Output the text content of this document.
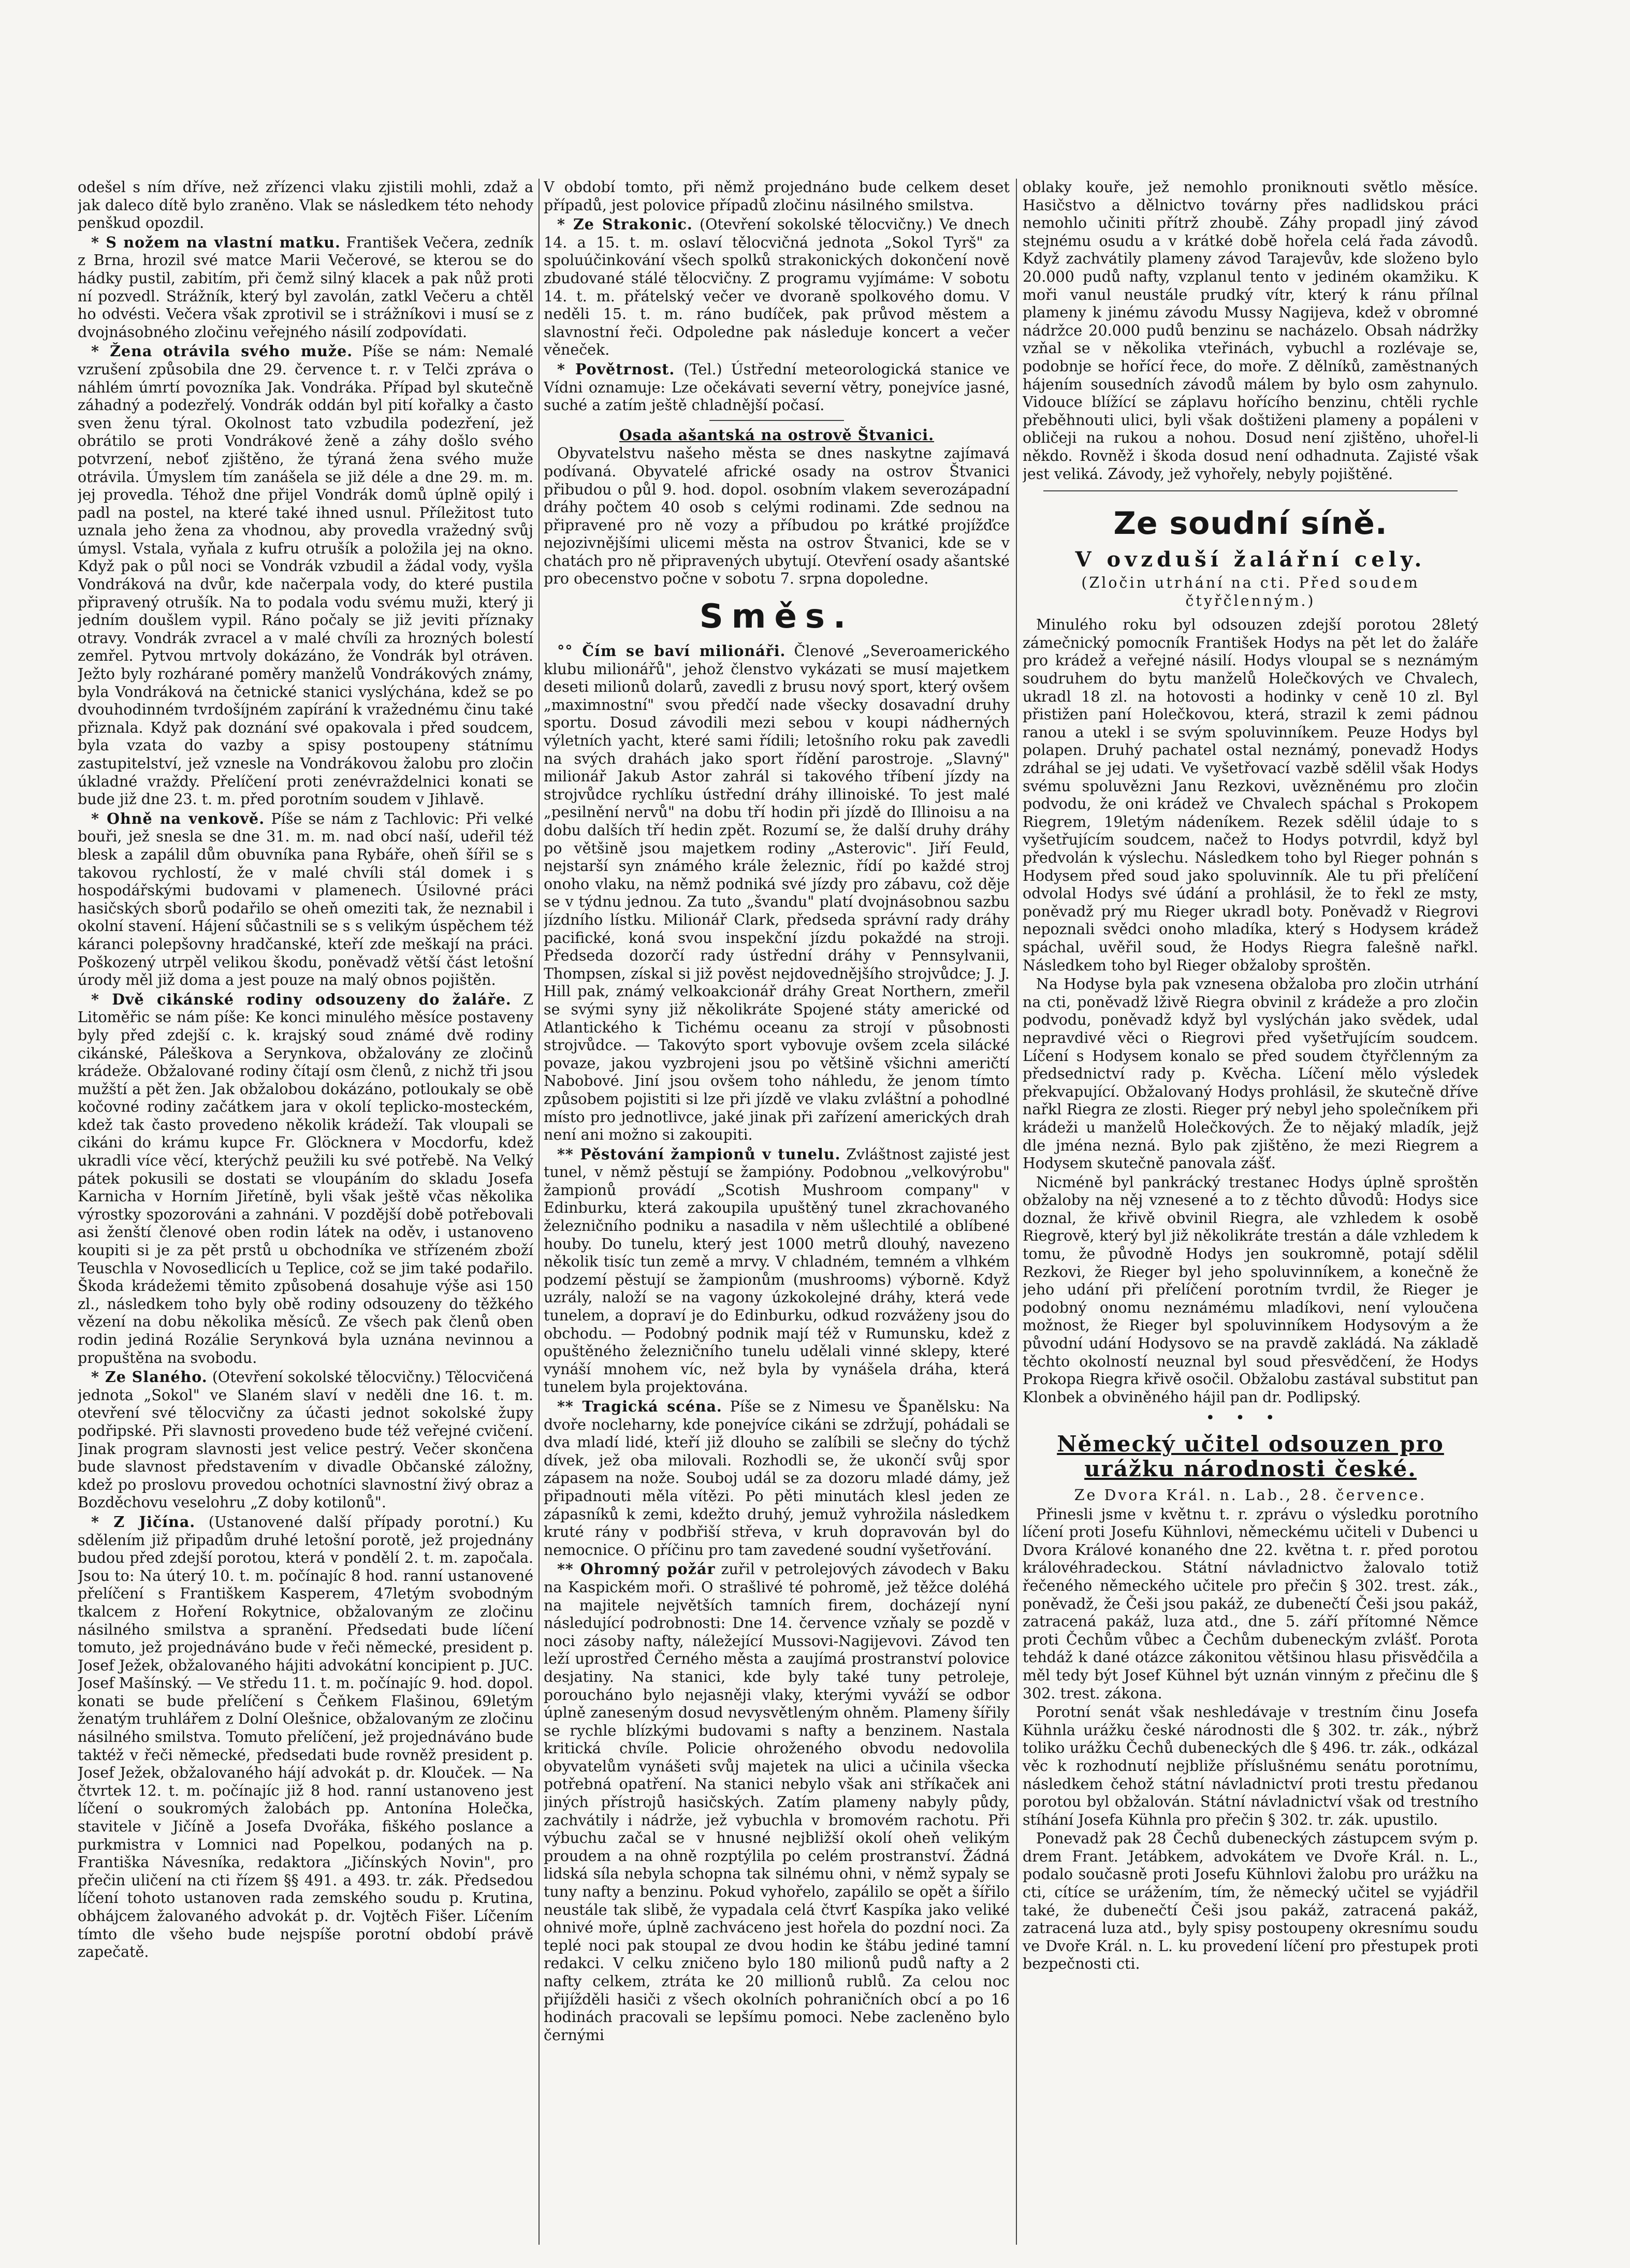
odešel s ním dříve, než zřízenci vlaku zjistili mohli, zdaž a jak daleco dítě bylo zraněno. Vlak se následkem této nehody penškud opozdil.

* S nožem na vlastní matku. František Večera, zedník z Brna, hrozil své matce Marii Večerové, se kterou se do hádky pustil, zabitím, při čemž silný klacek a pak nůž proti ní pozvedl. Strážník, který byl zavolán, zatkl Večeru a chtěl ho odvésti. Večera však zprotivil se i strážníkovi i musí se z dvojnásobného zločinu veřejného násilí zodpovídati.

* Žena otrávila svého muže. Píše se nám: Nemalé vzrušení způsobila dne 29. července t. r. v Telči zpráva o náhlém úmrtí povozníka Jak. Vondráka. Případ byl skutečně záhadný a podezřelý. Vondrák oddán byl pití kořalky a často sven ženu týral. Okolnost tato vzbudila podezření, jež obrátilo se proti Vondrákové ženě a záhy došlo svého potvrzení, neboť zjištěno, že týraná žena svého muže otrávila. Úmyslem tím zanášela se již déle a dne 29. m. m. jej provedla. Téhož dne přijel Vondrák domů úplně opilý i padl na postel, na které také ihned usnul. Příležitost tuto uznala jeho žena za vhodnou, aby provedla vražedný svůj úmysl. Vstala, vyňala z kufru otrušík a položila jej na okno. Když pak o půl noci se Vondrák vzbudil a žádal vody, vyšla Vondráková na dvůr, kde načerpala vody, do které pustila připravený otrušík. Na to podala vodu svému muži, který ji jedním doušlem vypil. Ráno počaly se již jeviti příznaky otravy. Vondrák zvracel a v malé chvíli za hrozných bolestí zemřel. Pytvou mrtvoly dokázáno, že Vondrák byl otráven. Ježto byly rozhárané poměry manželů Vondrákových známy, byla Vondráková na četnické stanici vyslýchána, kdež se po dvouhodinném tvrdošíjném zapírání k vražednému činu také přiznala. Když pak doznání své opakovala i před soudcem, byla vzata do vazby a spisy postoupeny státnímu zastupitelství, jež vznesle na Vondrákovou žalobu pro zločin úkladné vraždy. Přelíčení proti zenévraždelnici konati se bude již dne 23. t. m. před porotním soudem v Jihlavě.

* Ohně na venkově. Píše se nám z Tachlovic: Při velké bouři, jež snesla se dne 31. m. m. nad obcí naší, udeřil též blesk a zapálil dům obuvníka pana Rybáře, oheň šířil se s takovou rychlostí, že v malé chvíli stál domek i s hospodářskými budovami v plamenech. Úsilovné práci hasičských sborů podařilo se oheň omeziti tak, že neznabil i okolní stavení. Hájení sůčastnili se s s velikým úspěchem též káranci polepšovny hradčanské, kteří zde meškají na práci. Poškozený utrpěl velikou škodu, poněvadž větší část letošní úrody měl již doma a jest pouze na malý obnos pojištěn.

* Dvě cikánské rodiny odsouzeny do žaláře. Z Litoměřic se nám píše: Ke konci minulého měsíce postaveny byly před zdejší c. k. krajský soud známé dvě rodiny cikánské, Páleškova a Serynkova, obžalovány ze zločinů krádeže. Obžalované rodiny čítají osm členů, z nichž tři jsou mužští a pět žen. Jak obžalobou dokázáno, potloukaly se obě kočovné rodiny začátkem jara v okolí teplicko-mosteckém, kdež tak často provedeno několik krádeží. Tak vloupali se cikáni do krámu kupce Fr. Glöcknera v Mocdorfu, kdež ukradli více věcí, kterýchž peužili ku své potřebě. Na Velký pátek pokusili se dostati se vloupáním do skladu Josefa Karnicha v Horním Jiřetíně, byli však ještě včas několika výrostky spozorováni a zahnáni. V pozdější době potřebovali asi ženští členové oben rodin látek na oděv, i ustanoveno koupiti si je za pět prstů u obchodníka ve střízeném zboží Teuschla v Novosedlicích u Teplice, což se jim také podařilo. Škoda krádežemi těmito způsobená dosahuje výše asi 150 zl., následkem toho byly obě rodiny odsouzeny do těžkého vězení na dobu několika měsíců. Ze všech pak členů oben rodin jediná Rozálie Serynková byla uznána nevinnou a propuštěna na svobodu.

* Ze Slaného. (Otevření sokolské tělocvičny.) Tělocvičená jednota „Sokol" ve Slaném slaví v neděli dne 16. t. m. otevření své tělocvičny za účasti jednot sokolské župy podřipské. Při slavnosti provedeno bude též veřejné cvičení. Jinak program slavnosti jest velice pestrý. Večer skončena bude slavnost představením v divadle Občanské záložny, kdež po proslovu provedou ochotníci slavnostní živý obraz a Bozděchovu veselohru „Z doby kotilonů".

* Z Jičína. (Ustanovené další případy porotní.) Ku sdělením již připadům druhé letošní porotě, jež projednány budou před zdejší porotou, která v pondělí 2. t. m. započala. Jsou to: Na úterý 10. t. m. počínajíc 8 hod. ranní ustanovené přelíčení s Františkem Kasperem, 47letým svobodným tkalcem z Hoření Rokytnice, obžalovaným ze zločinu násilného smilstva a spranění. Předsedati bude líčení tomuto, jež projednáváno bude v řeči německé, president p. Josef Ježek, obžalovaného hájiti advokátní koncipient p. JUC. Josef Mašínský. — Ve středu 11. t. m. počínajíc 9. hod. dopol. konati se bude přelíčení s Čeňkem Flašinou, 69letým ženatým truhlářem z Dolní Olešnice, obžalovaným ze zločinu násilného smilstva. Tomuto přelíčení, jež projednáváno bude taktéž v řeči německé, předsedati bude rovněž president p. Josef Ježek, obžalovaného hájí advokát p. dr. Klouček. — Na čtvrtek 12. t. m. počínajíc již 8 hod. ranní ustanoveno jest líčení o soukromých žalobách pp. Antonína Holečka, stavitele v Jičíně a Josefa Dvořáka, fiškého poslance a purkmistra v Lomnici nad Popelkou, podaných na p. Františka Návesníka, redaktora „Jičínských Novin", pro přečin uličení na cti řízem §§ 491. a 493. tr. zák. Předsedou líčení tohoto ustanoven rada zemského soudu p. Krutina, obhájcem žalovaného advokát p. dr. Vojtěch Fišer. Líčením tímto dle všeho bude nejspíše porotní období právě zapečatě.

V období tomto, při němž projednáno bude celkem deset případů, jest polovice případů zločinu násilného smilstva.

* Ze Strakonic. (Otevření sokolské tělocvičny.) Ve dnech 14. a 15. t. m. oslaví tělocvičná jednota „Sokol Tyrš" za spoluúčinkování všech spolků strakonických dokončení nově zbudované stálé tělocvičny. Z programu vyjímáme: V sobotu 14. t. m. přátelský večer ve dvoraně spolkového domu. V neděli 15. t. m. ráno budíček, pak průvod městem a slavnostní řeči. Odpoledne pak následuje koncert a večer věneček.

* Povětrnost. (Tel.) Ústřední meteorologická stanice ve Vídni oznamuje: Lze očekávati severní větry, ponejvíce jasné, suché a zatím ještě chladnější počasí.

Osada ašantská na ostrově Štvanici.

Obyvatelstvu našeho města se dnes naskytne zajímavá podívaná. Obyvatelé africké osady na ostrov Štvanici přibudou o půl 9. hod. dopol. osobním vlakem severozápadní dráhy počtem 40 osob s celými rodinami. Zde sednou na připravené pro ně vozy a příbudou po krátké projížďce nejozivnějšími ulicemi města na ostrov Štvanici, kde se v chatách pro ně připravených ubytují. Otevření osady ašantské pro obecenstvo počne v sobotu 7. srpna dopoledne.

Směs.

°° Čím se baví milionáři. Členové „Severoamerického klubu milionářů", jehož členstvo vykázati se musí majetkem deseti milionů dolarů, zavedli z brusu nový sport, který ovšem „maximnostní" svou předčí nade všecky dosavadní druhy sportu. Dosud závodili mezi sebou v koupi nádherných výletních yacht, které sami řídili; letošního roku pak zavedli na svých drahách jako sport řídění parostroje. „Slavný" milionář Jakub Astor zahrál si takového tříbení jízdy na strojvůdce rychlíku ústřední dráhy illinoiské. To jest malé „pesilnění nervů" na dobu tří hodin při jízdě do Illinoisu a na dobu dalších tří hedin zpět. Rozumí se, že další druhy dráhy po většině jsou majetkem rodiny „Asterovic". Jiří Feuld, nejstarší syn známého krále železnic, řídí po každé stroj onoho vlaku, na němž podniká své jízdy pro zábavu, což děje se v týdnu jednou. Za tuto „švandu" platí dvojnásobnou sazbu jízdního lístku. Milionář Clark, předseda správní rady dráhy pacifické, koná svou inspekční jízdu pokaždé na stroji. Předseda dozorčí rady ústřední dráhy v Pennsylvanii, Thompsen, získal si již pověst nejdovednějšího strojvůdce; J. J. Hill pak, známý velkoakcionář dráhy Great Northern, zmeřil se svými syny již několikráte Spojené státy americké od Atlantického k Tichému oceanu za strojí v působnosti strojvůdce. — Takovýto sport vybovuje ovšem zcela silácké povaze, jakou vyzbrojeni jsou po většině všichni američtí Nabobové. Jiní jsou ovšem toho náhledu, že jenom tímto způsobem pojistiti si lze při jízdě ve vlaku zvláštní a pohodlné místo pro jednotlivce, jaké jinak při zařízení amerických drah není ani možno si zakoupiti.

** Pěstování žampionů v tunelu. Zvláštnost zajisté jest tunel, v němž pěstují se žampióny. Podobnou „velkovýrobu" žampionů provádí „Scotish Mushroom company" v Edinburku, která zakoupila upuštěný tunel zkrachovaného železničního podniku a nasadila v něm ušlechtilé a oblíbené houby. Do tunelu, který jest 1000 metrů dlouhý, navezeno několik tisíc tun země a mrvy. V chladném, temném a vlhkém podzemí pěstují se žampionům (mushrooms) výborně. Když uzrály, naloží se na vagony úzkokolejné dráhy, která vede tunelem, a dopraví je do Edinburku, odkud rozváženy jsou do obchodu. — Podobný podnik mají též v Rumunsku, kdež z opuštěného železničního tunelu udělali vinné sklepy, které vynáší mnohem víc, než byla by vynášela dráha, která tunelem byla projektována.

** Tragická scéna. Píše se z Nimesu ve Španělsku: Na dvoře nocleharny, kde ponejvíce cikáni se zdržují, pohádali se dva mladí lidé, kteří již dlouho se zalíbili se slečny do týchž dívek, jež oba milovali. Rozhodli se, že ukončí svůj spor zápasem na nože. Souboj udál se za dozoru mladé dámy, jež připadnouti měla vítězi. Po pěti minutách klesl jeden ze zápasníků k zemi, kdežto druhý, jemuž vyhrožila následkem kruté rány v podbřiší střeva, v kruh dopravován byl do nemocnice. O příčinu pro tam zavedené soudní vyšetřování.

** Ohromný požár zuřil v petrolejových závodech v Baku na Kaspickém moři. O strašlivé té pohromě, jež těžce doléhá na majitele největších tamních firem, docházejí nyní následující podrobnosti: Dne 14. července vzňaly se pozdě v noci zásoby nafty, náležející Mussovi-Nagijevovi. Závod ten leží uprostřed Černého města a zaujímá prostranství polovice desjatiny. Na stanici, kde byly také tuny petroleje, poroucháno bylo nejasněji vlaky, kterými vyváží se odbor úplně zaneseným dosud nevysvětleným ohněm. Plameny šířily se rychle blízkými budovami s nafty a benzinem. Nastala kritická chvíle. Policie ohroženého obvodu nedovolila obyvatelům vynášeti svůj majetek na ulici a učinila všecka potřebná opatření. Na stanici nebylo však ani stříkaček ani jiných přístrojů hasičských. Zatím plameny nabyly půdy, zachvátily i nádrže, jež vybuchla v bromovém rachotu. Při výbuchu začal se v hnusné nejbližší okolí oheň velikým proudem a na ohně rozptýlila po celém prostranství. Žádná lidská síla nebyla schopna tak silnému ohni, v němž sypaly se tuny nafty a benzinu. Pokud vyhořelo, zapálilo se opět a šířilo neustále tak slibě, že vypadala celá čtvrť Kaspíka jako veliké ohnivé moře, úplně zachváceno jest hořela do pozdní noci. Za teplé noci pak stoupal ze dvou hodin ke štábu jediné tamní redakci. V celku zničeno bylo 180 milionů pudů nafty a 2 nafty celkem, ztráta ke 20 millionů rublů. Za celou noc přijížděli hasiči z všech okolních pohraničních obcí a po 16 hodinách pracovali se lepšímu pomoci. Nebe zacleněno bylo černými

oblaky kouře, jež nemohlo proniknouti světlo měsíce. Hasičstvo a dělnictvo továrny přes nadlidskou práci nemohlo učiniti přítrž zhoubě. Záhy propadl jiný závod stejnému osudu a v krátké době hořela celá řada závodů. Když zachvátily plameny závod Tarajevův, kde složeno bylo 20.000 pudů nafty, vzplanul tento v jediném okamžiku. K moři vanul neustále prudký vítr, který k ránu přílnal plameny k jinému závodu Mussy Nagijeva, kdež v obromné nádržce 20.000 pudů benzinu se nacházelo. Obsah nádržky vzňal se v několika vteřinách, vybuchl a rozlévaje se, podobnje se hořící řece, do moře. Z dělníků, zaměstnaných hájením sousedních závodů málem by bylo osm zahynulo. Vidouce blížící se záplavu hořícího benzinu, chtěli rychle přeběhnouti ulici, byli však doštiženi plameny a popáleni v obličeji na rukou a nohou. Dosud není zjištěno, uhořel-li někdo. Rovněž i škoda dosud není odhadnuta. Zajisté však jest veliká. Závody, jež vyhořely, nebyly pojištěné.

Ze soudní síně.
V ovzduší žalářní cely.
(Zločin utrhání na cti. Před soudem čtyřčlenným.)

Minulého roku byl odsouzen zdejší porotou 28letý zámečnický pomocník František Hodys na pět let do žaláře pro krádež a veřejné násilí. Hodys vloupal se s neznámým soudruhem do bytu manželů Holečkových ve Chvalech, ukradl 18 zl. na hotovosti a hodinky v ceně 10 zl. Byl přistižen paní Holečkovou, která, strazil k zemi pádnou ranou a utekl i se svým spoluvinníkem. Peuze Hodys byl polapen. Druhý pachatel ostal neznámý, ponevadž Hodys zdráhal se jej udati. Ve vyšetřovací vazbě sdělil však Hodys svému spoluvězni Janu Rezkovi, uvězněnému pro zločin podvodu, že oni krádež ve Chvalech spáchal s Prokopem Riegrem, 19letým nádeníkem. Rezek sdělil údaje to s vyšetřujícím soudcem, načež to Hodys potvrdil, když byl předvolán k výslechu. Následkem toho byl Rieger pohnán s Hodysem před soud jako spoluvinník. Ale tu při přelíčení odvolal Hodys své údání a prohlásil, že to řekl ze msty, poněvadž prý mu Rieger ukradl boty. Poněvadž v Riegrovi nepoznali svědci onoho mladíka, který s Hodysem krádež spáchal, uvěřil soud, že Hodys Riegra falešně nařkl. Následkem toho byl Rieger obžaloby sproštěn.

Na Hodyse byla pak vznesena obžaloba pro zločin utrhání na cti, poněvadž lživě Riegra obvinil z krádeže a pro zločin podvodu, poněvadž když byl vyslýchán jako svědek, udal nepravdivé věci o Riegrovi před vyšetřujícím soudcem. Líčení s Hodysem konalo se před soudem čtyřčlenným za předsednictví rady p. Kvěcha. Líčení mělo výsledek překvapující. Obžalovaný Hodys prohlásil, že skutečně dříve nařkl Riegra ze zlosti. Rieger prý nebyl jeho společníkem při krádeži u manželů Holečkových. Že to nějaký mladík, jejž dle jména nezná. Bylo pak zjištěno, že mezi Riegrem a Hodysem skutečně panovala zášť.

Nicméně byl pankrácký trestanec Hodys úplně sproštěn obžaloby na něj vznesené a to z těchto důvodů: Hodys sice doznal, že křivě obvinil Riegra, ale vzhledem k osobě Riegrově, který byl již několikráte trestán a dále vzhledem k tomu, že původně Hodys jen soukromně, potají sdělil Rezkovi, že Rieger byl jeho spoluvinníkem, a konečně že jeho udání při přelíčení porotním tvrdil, že Rieger je podobný onomu neznámému mladíkovi, není vyloučena možnost, že Rieger byl spoluvinníkem Hodysovým a že původní udání Hodysovo se na pravdě zakládá. Na základě těchto okolností neuznal byl soud přesvědčení, že Hodys Prokopa Riegra křivě osočil. Obžalobu zastával substitut pan Klonbek a obviněného hájil pan dr. Podlipský.

•••
Německý učitel odsouzen pro urážku národnosti české.

Ze Dvora Král. n. Lab., 28. července.

Přinesli jsme v květnu t. r. zprávu o výsledku porotního líčení proti Josefu Kühnlovi, německému učiteli v Dubenci u Dvora Králové konaného dne 22. května t. r. před porotou královéhradeckou. Státní návladnictvo žalovalo totiž řečeného německého učitele pro přečin § 302. trest. zák., poněvadž, že Češi jsou pakáž, ze dubenečtí Češi jsou pakáž, zatracená pakáž, luza atd., dne 5. září přítomné Němce proti Čechům vůbec a Čechům dubeneckým zvlášť. Porota tehdáž k dané otázce zákonitou většinou hlasu přisvědčila a měl tedy být Josef Kühnel být uznán vinným z přečinu dle § 302. trest. zákona.

Porotní senát však neshledávaje v trestním činu Josefa Kühnla urážku české národnosti dle § 302. tr. zák., nýbrž toliko urážku Čechů dubeneckých dle § 496. tr. zák., odkázal věc k rozhodnutí nejbliže příslušnému senátu porotnímu, následkem čehož státní návladnictví proti trestu předanou porotou byl obžalován. Státní návladnictví však od trestního stíhání Josefa Kühnla pro přečin § 302. tr. zák. upustilo.

Ponevadž pak 28 Čechů dubeneckých zástupcem svým p. drem Frant. Jetábkem, advokátem ve Dvoře Král. n. L., podalo současně proti Josefu Kühnlovi žalobu pro urážku na cti, cítíce se urážením, tím, že německý učitel se vyjádřil také, že dubenečtí Češi jsou pakáž, zatracená pakáž, zatracená luza atd., byly spisy postoupeny okresnímu soudu ve Dvoře Král. n. L. ku provedení líčení pro přestupek proti bezpečnosti cti.
